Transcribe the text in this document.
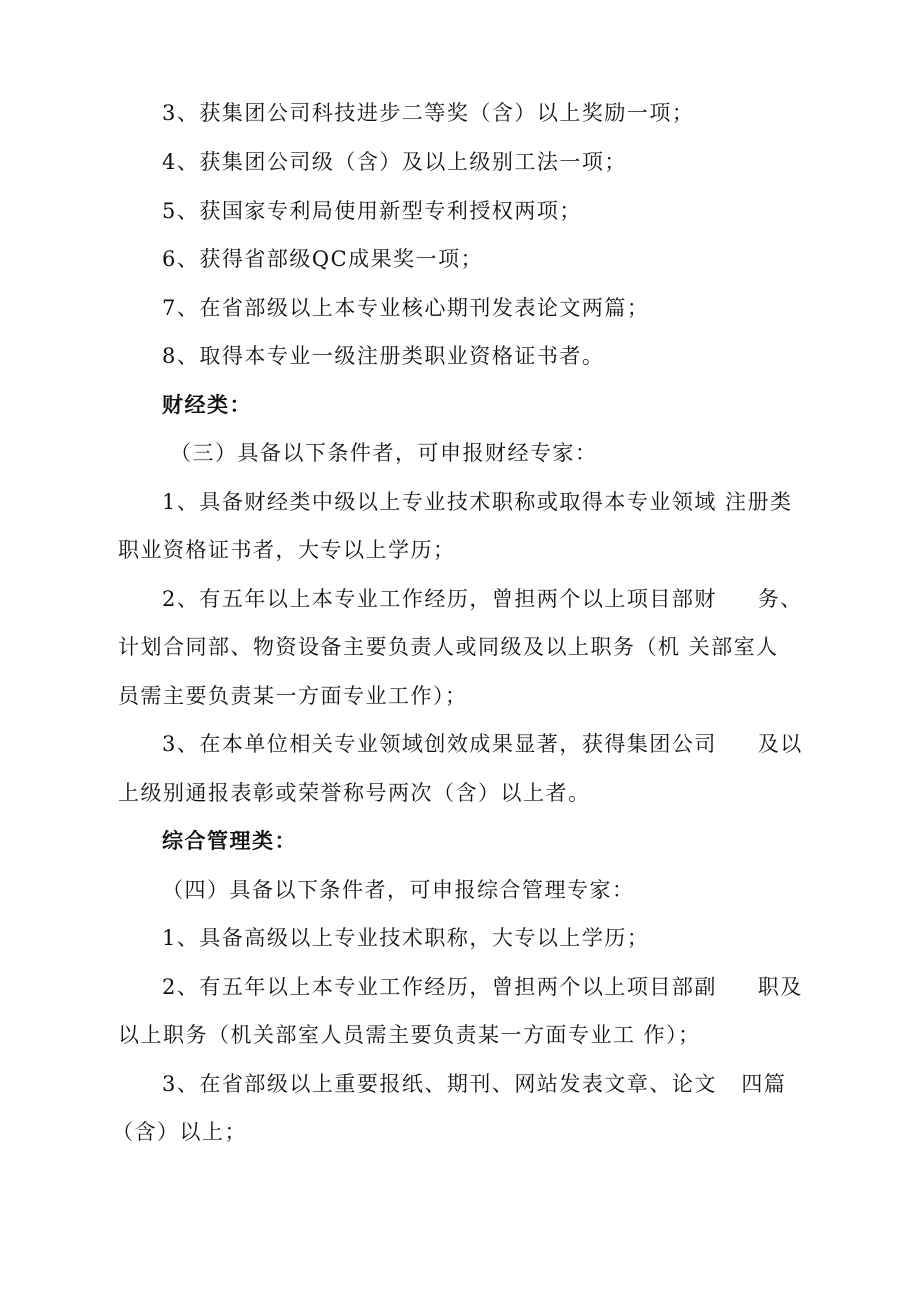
3、获集团公司科技进步二等奖（含）以上奖励一项；
4、获集团公司级（含）及以上级别工法一项；
5、获国家专利局使用新型专利授权两项；
6、获得省部级QC成果奖一项；
7、在省部级以上本专业核心期刊发表论文两篇；
8、取得本专业一级注册类职业资格证书者。
财经类：
（三）具备以下条件者，可申报财经专家：
1、具备财经类中级以上专业技术职称或取得本专业领域 注册类
职业资格证书者，大专以上学历；
2、有五年以上本专业工作经历，曾担两个以上项目部财     务、
计划合同部、物资设备主要负责人或同级及以上职务（机 关部室人
员需主要负责某一方面专业工作）；
3、在本单位相关专业领域创效成果显著，获得集团公司     及以
上级别通报表彰或荣誉称号两次（含）以上者。
综合管理类：
（四）具备以下条件者，可申报综合管理专家：
1、具备高级以上专业技术职称，大专以上学历；
2、有五年以上本专业工作经历，曾担两个以上项目部副     职及
以上职务（机关部室人员需主要负责某一方面专业工 作）；
3、在省部级以上重要报纸、期刊、网站发表文章、论文   四篇
（含）以上；
